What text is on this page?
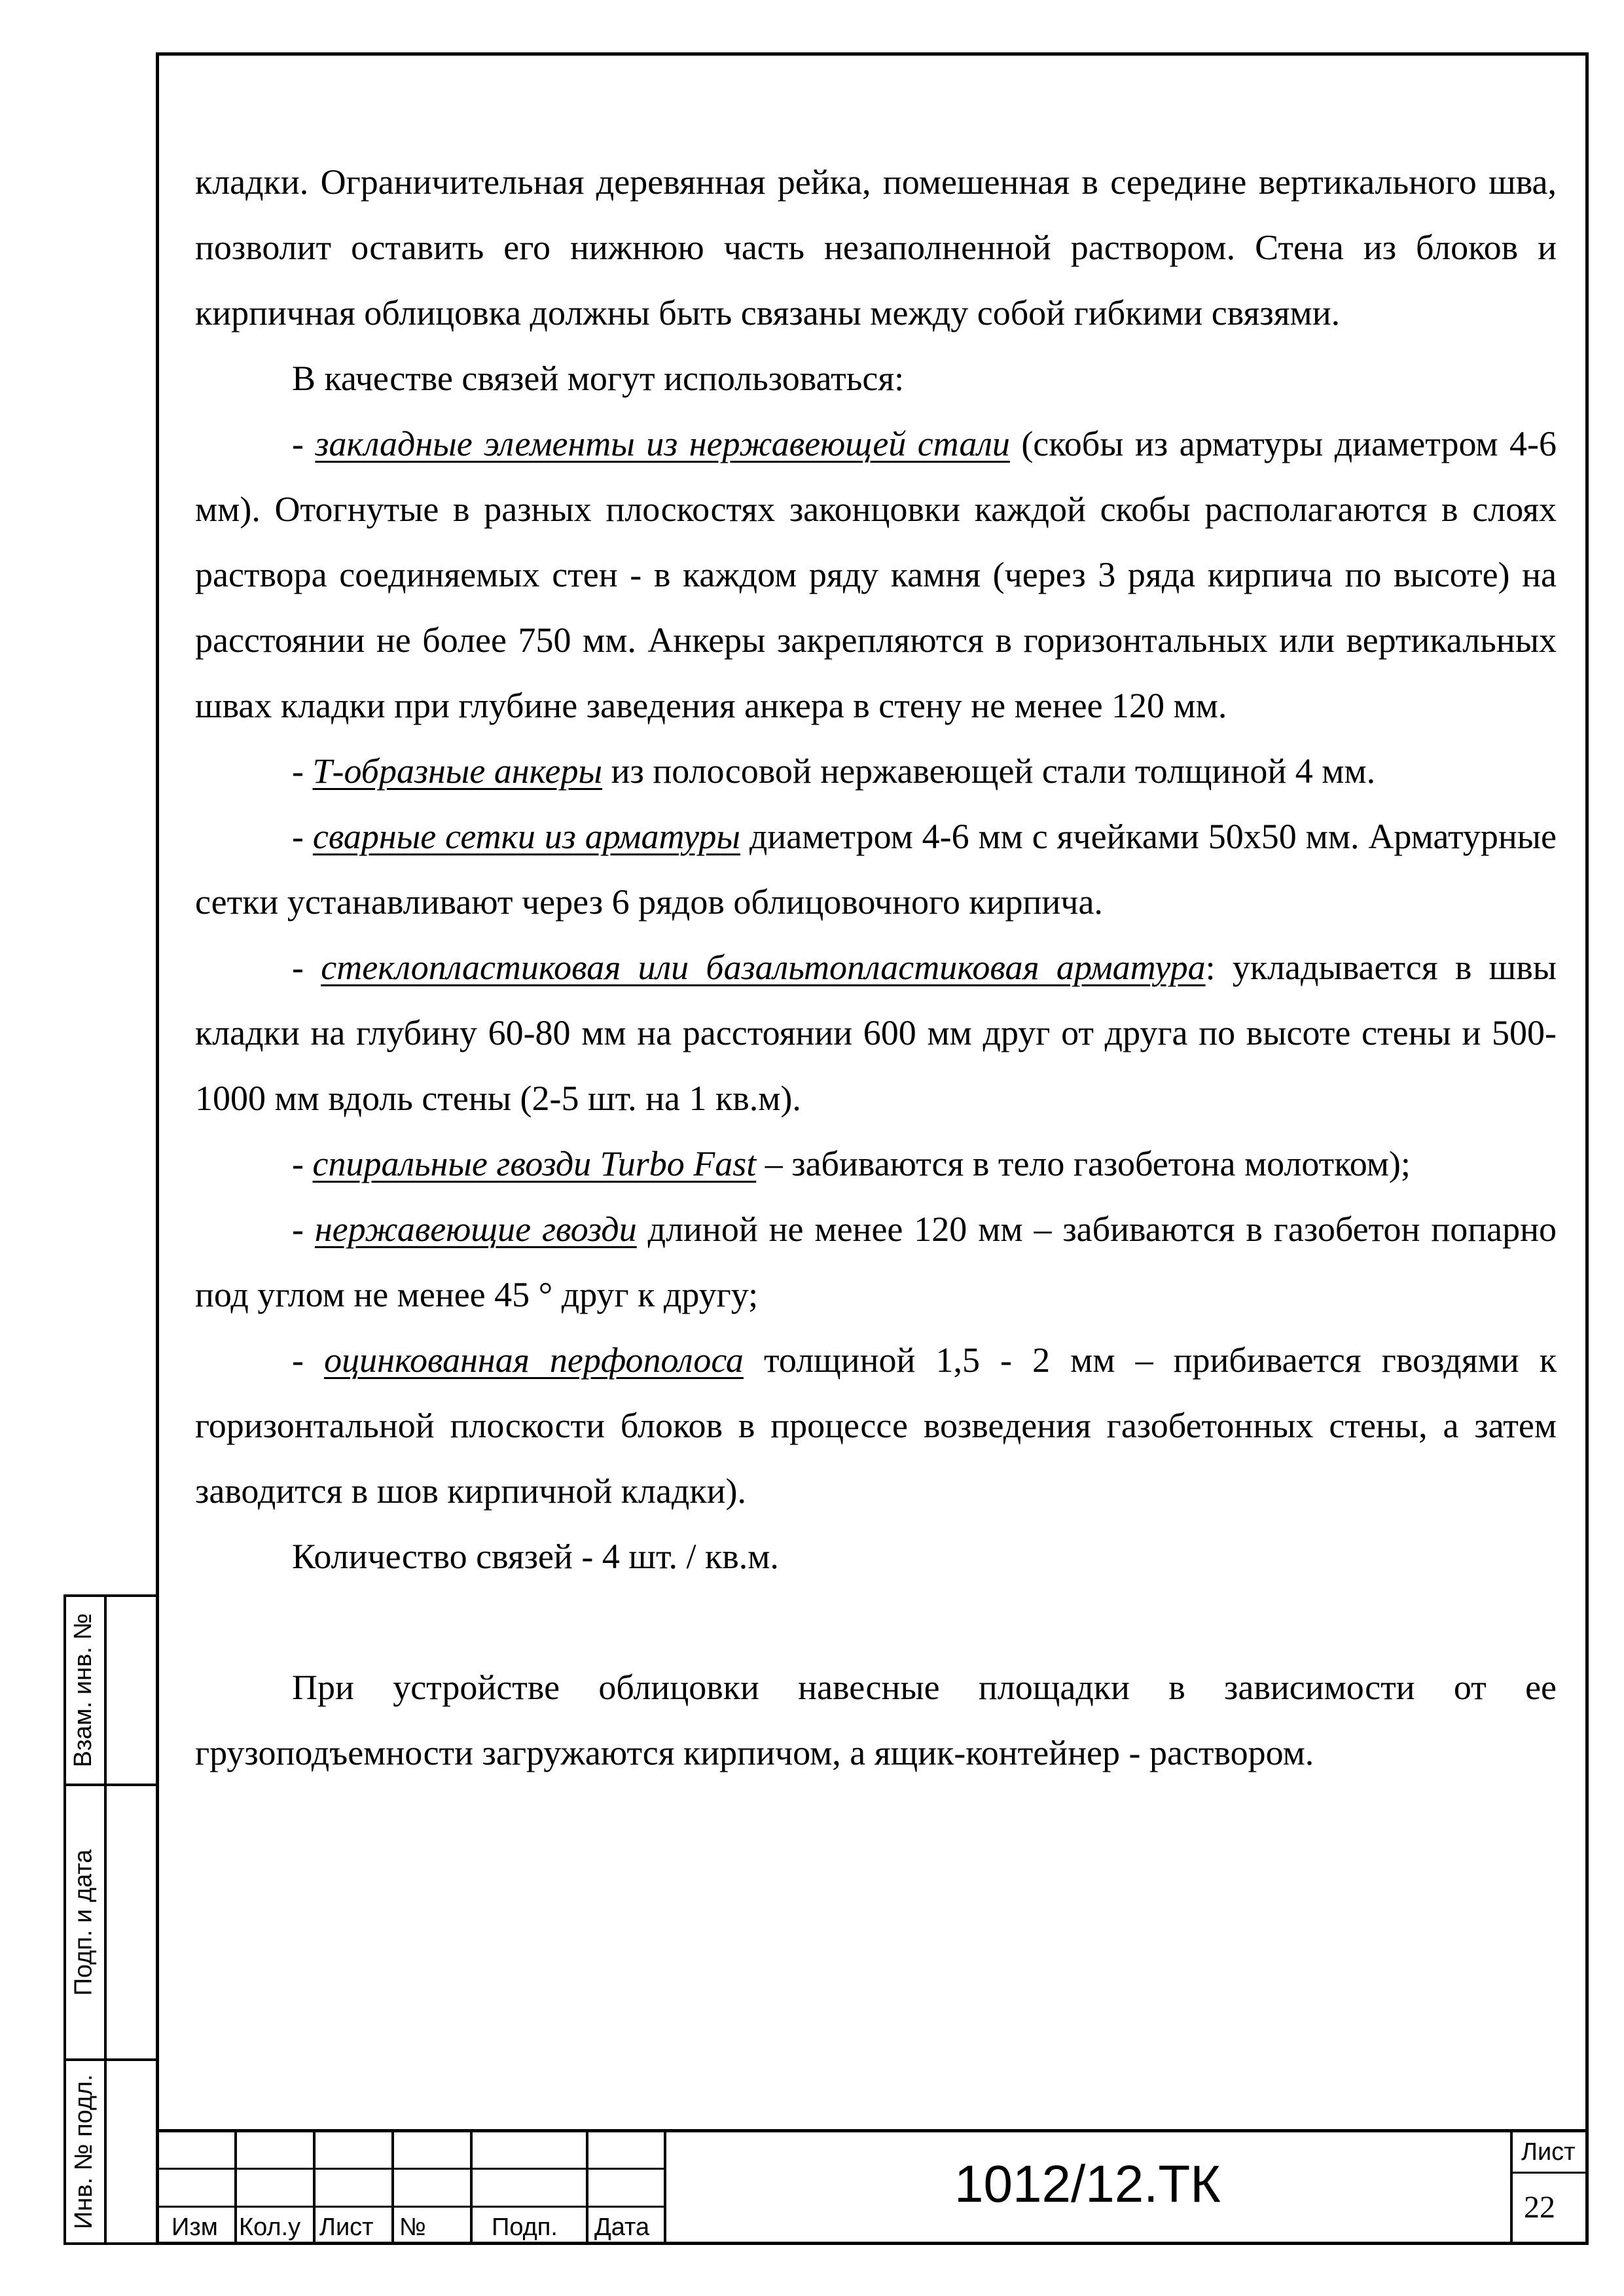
кладки. Ограничительная деревянная рейка, помешенная в середине вертикального шва, позволит оставить его нижнюю часть незаполненной раствором. Стена из блоков и кирпичная облицовка должны быть связаны между собой гибкими связями.

В качестве связей могут использоваться:

- закладные элементы из нержавеющей стали (скобы из арматуры диаметром 4-6 мм). Отогнутые в разных плоскостях законцовки каждой скобы располагаются в слоях раствора соединяемых стен - в каждом ряду камня (через 3 ряда кирпича по высоте) на расстоянии не более 750 мм. Анкеры закрепляются в горизонтальных или вертикальных швах кладки при глубине заведения анкера в стену не менее 120 мм.

- Т-образные анкеры из полосовой нержавеющей стали толщиной 4 мм.

- сварные сетки из арматуры диаметром 4-6 мм с ячейками 50х50 мм. Арматурные сетки устанавливают через 6 рядов облицовочного кирпича.

- стеклопластиковая или базальтопластиковая арматура: укладывается в швы кладки на глубину 60-80 мм на расстоянии 600 мм друг от друга по высоте стены и 500-1000 мм вдоль стены (2-5 шт. на 1 кв.м).

- спиральные гвозди Turbo Fast – забиваются в тело газобетона молотком);

- нержавеющие гвозди длиной не менее 120 мм – забиваются в газобетон попарно под углом не менее 45 ° друг к другу;

- оцинкованная перфополоса толщиной 1,5 - 2 мм – прибивается гвоздями к горизонтальной плоскости блоков в процессе возведения газобетонных стены, а затем заводится в шов кирпичной кладки).

Количество связей - 4 шт. / кв.м.

При устройстве облицовки навесные площадки в зависимости от ее грузоподъемности загружаются кирпичом, а ящик-контейнер - раствором.

Взам. инв. №
Подп. и дата
Инв. № подл.	Изм Кол.у Лист №	Подп. Дата
1012/12.ТК
Лист
22
